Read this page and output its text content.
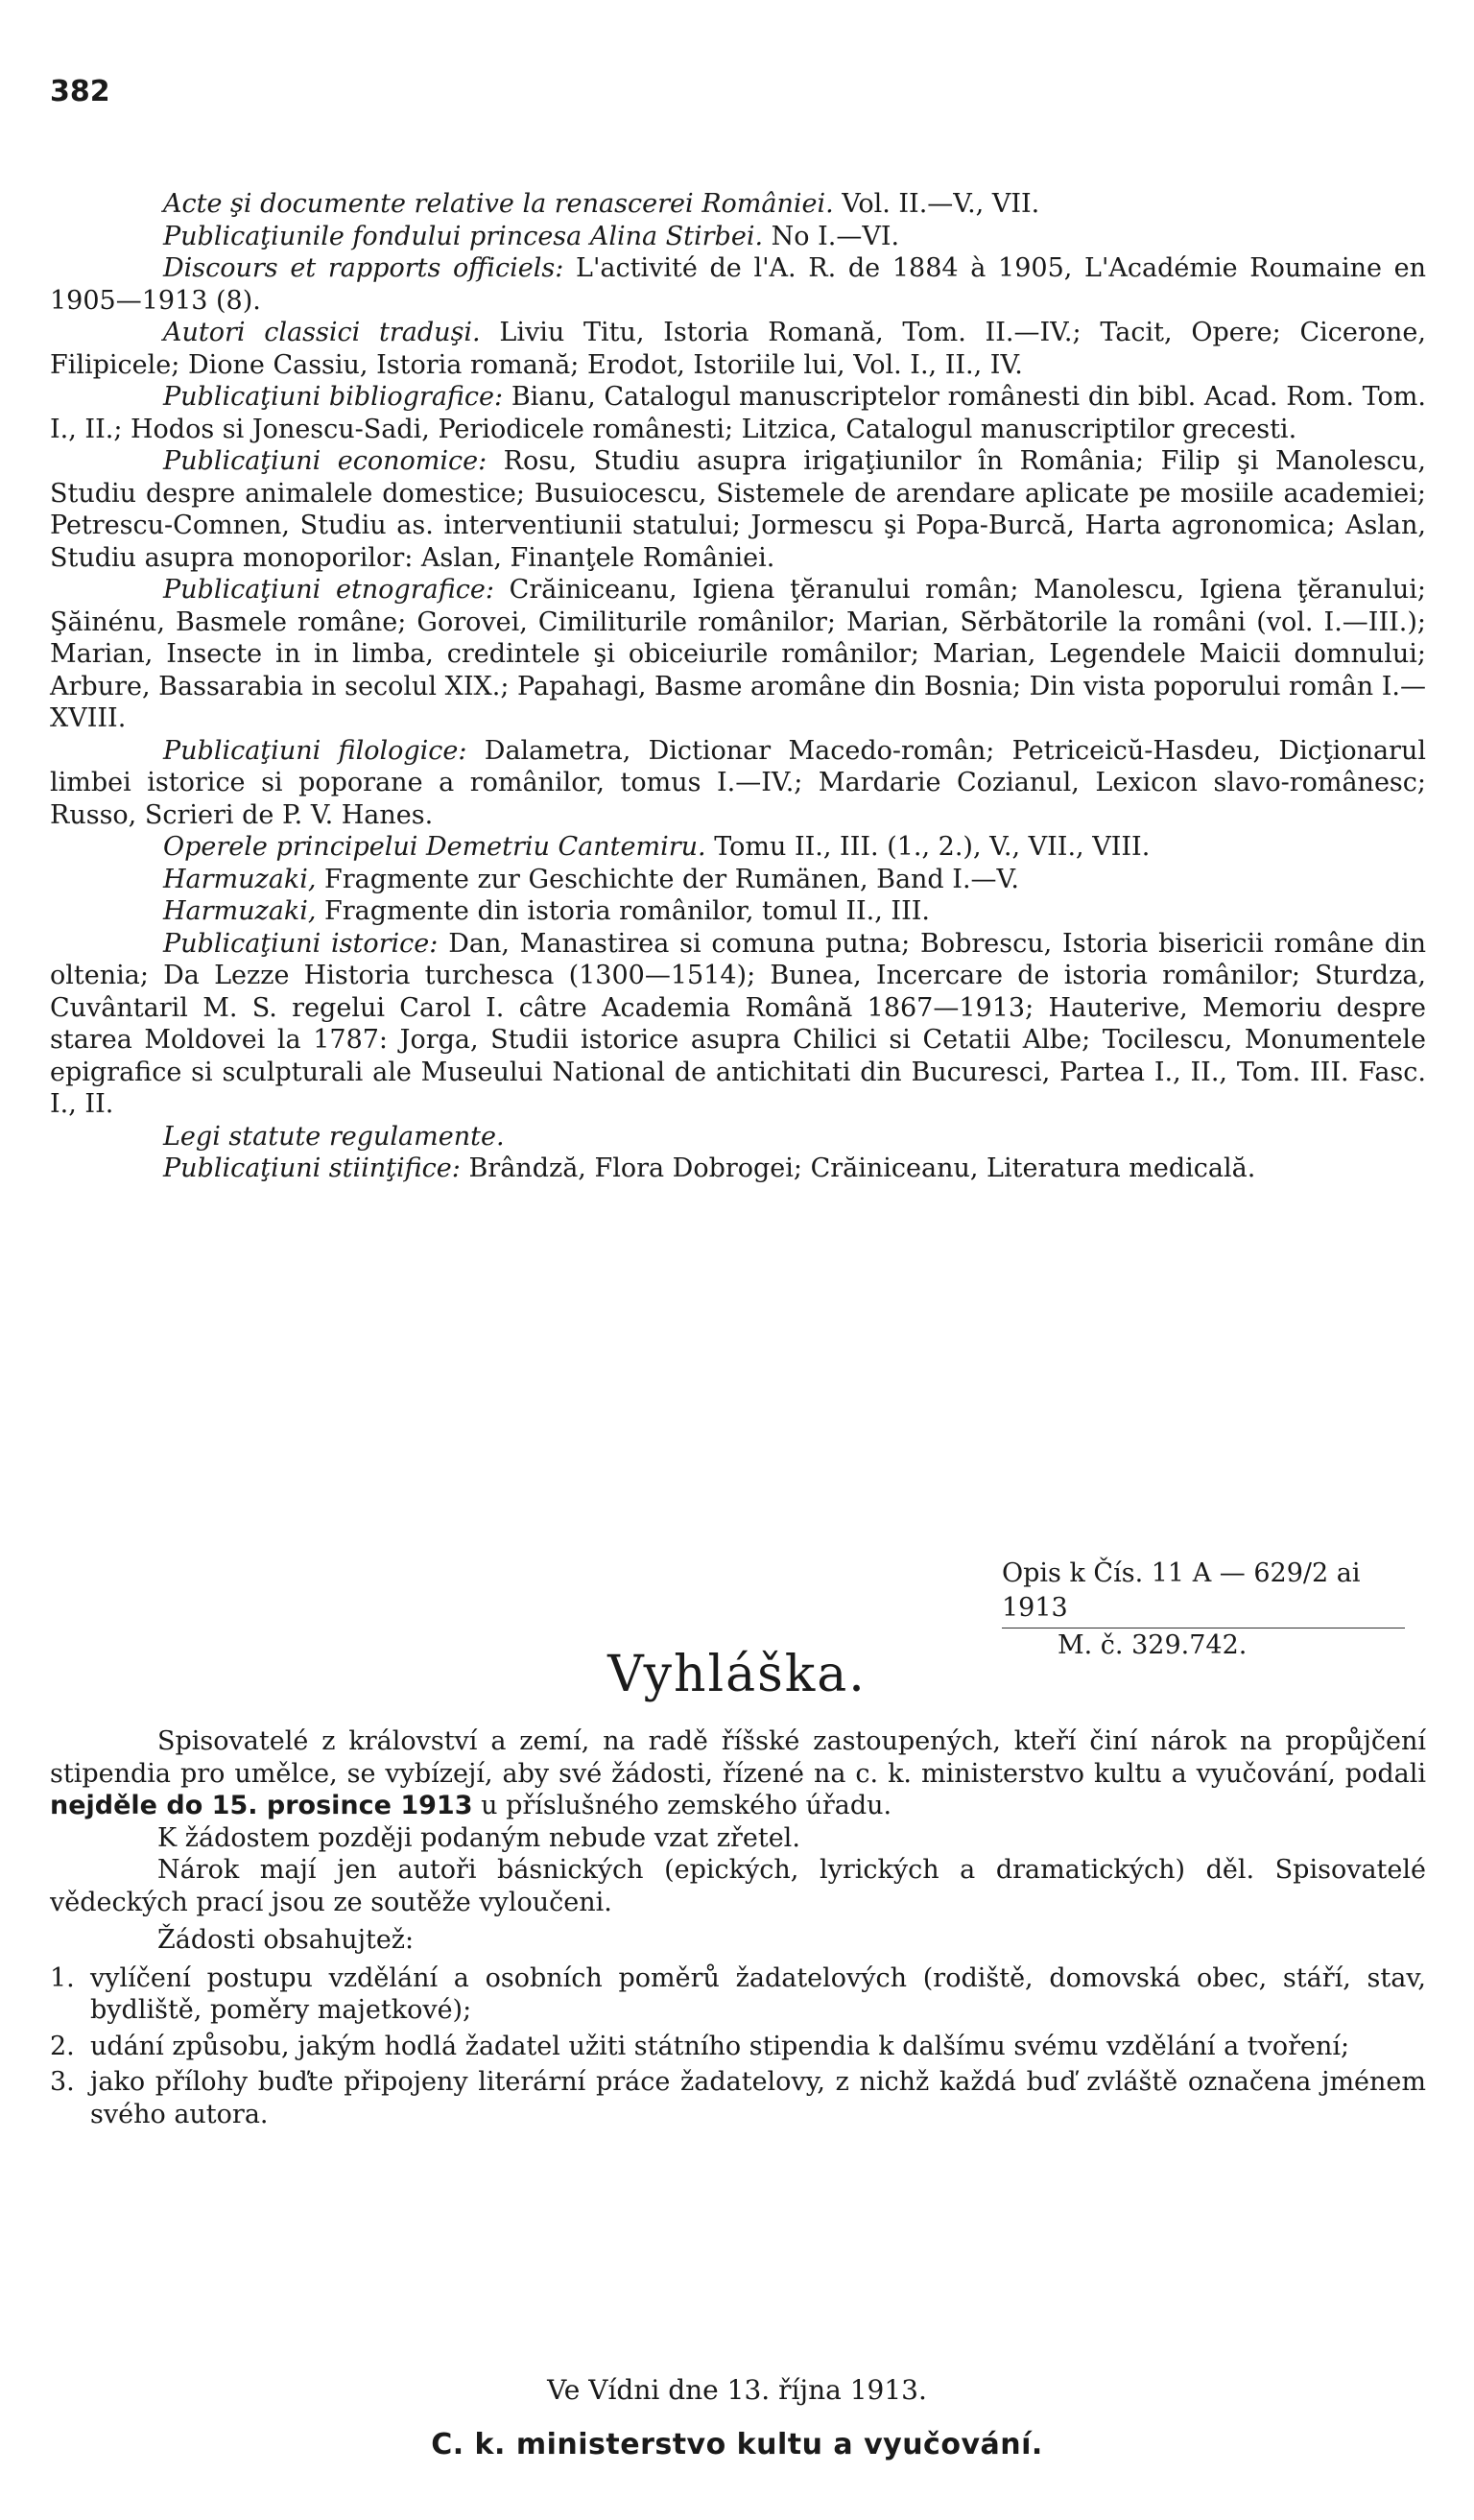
382

Acte şi documente relative la renascerei României. Vol. II.—V., VII.

Publicaţiunile fondului princesa Alina Stirbei. No I.—VI.

Discours et rapports officiels: L'activité de l'A. R. de 1884 à 1905, L'Académie Roumaine en 1905—1913 (8).

Autori classici traduşi. Liviu Titu, Istoria Romană, Tom. II.—IV.; Tacit, Opere; Cicerone, Filipicele; Dione Cassiu, Istoria romană; Erodot, Istoriile lui, Vol. I., II., IV.

Publicaţiuni bibliografice: Bianu, Catalogul manuscriptelor românesti din bibl. Acad. Rom. Tom. I., II.; Hodos si Jonescu-Sadi, Periodicele românesti; Litzica, Catalogul manuscriptilor grecesti.

Publicaţiuni economice: Rosu, Studiu asupra irigaţiunilor în România; Filip şi Manolescu, Studiu despre animalele domestice; Busuiocescu, Sistemele de arendare aplicate pe mosiile academiei; Petrescu-Comnen, Studiu as. interventiunii statului; Jormescu şi Popa-Burcă, Harta agronomica; Aslan, Studiu asupra monoporilor: Aslan, Finanţele României.

Publicaţiuni etnografice: Crăiniceanu, Igiena ţĕranului român; Manolescu, Igiena ţĕranului; Şăinénu, Basmele române; Gorovei, Cimiliturile românilor; Marian, Sĕrbătorile la români (vol. I.—III.); Marian, Insecte in in limba, credintele şi obiceiurile românilor; Marian, Legendele Maicii domnului; Arbure, Bassarabia in secolul XIX.; Papahagi, Basme aromâne din Bosnia; Din vista poporului român I.—XVIII.

Publicaţiuni filologice: Dalametra, Dictionar Macedo-român; Petriceicŭ-Hasdeu, Dicţionarul limbei istorice si poporane a românilor, tomus I.—IV.; Mardarie Cozianul, Lexicon slavo-românesc; Russo, Scrieri de P. V. Hanes.

Operele principelui Demetriu Cantemiru. Tomu II., III. (1., 2.), V., VII., VIII.

Harmuzaki, Fragmente zur Geschichte der Rumänen, Band I.—V.

Harmuzaki, Fragmente din istoria românilor, tomul II., III.

Publicaţiuni istorice: Dan, Manastirea si comuna putna; Bobrescu, Istoria bisericii române din oltenia; Da Lezze Historia turchesca (1300—1514); Bunea, Incercare de istoria românilor; Sturdza, Cuvântaril M. S. regelui Carol I. câtre Academia Română 1867—1913; Hauterive, Memoriu despre starea Moldovei la 1787: Jorga, Studii istorice asupra Chilici si Cetatii Albe; Tocilescu, Monumentele epigrafice si sculpturali ale Museului National de antichitati din Bucuresci, Partea I., II., Tom. III. Fasc. I., II.

Legi statute regulamente.

Publicaţiuni stiinţifice: Brândză, Flora Dobrogei; Crăiniceanu, Literatura medicală.

Opis k Čís. 11 A — 629/2 ai 1913
M. č. 329.742.
Vyhláška.

Spisovatelé z království a zemí, na radě říšské zastoupených, kteří činí nárok na propůjčení stipendia pro umělce, se vybízejí, aby své žádosti, řízené na c. k. ministerstvo kultu a vyučování, podali nejděle do 15. prosince 1913 u příslušného zemského úřadu.

K žádostem později podaným nebude vzat zřetel.

Nárok mají jen autoři básnických (epických, lyrických a dramatických) děl. Spisovatelé vědeckých prací jsou ze soutěže vyloučeni.

Žádosti obsahujtež:

1. vylíčení postupu vzdělání a osobních poměrů žadatelových (rodiště, domovská obec, stáří, stav, bydliště, poměry majetkové);
2. udání způsobu, jakým hodlá žadatel užiti státního stipendia k dalšímu svému vzdělání a tvoření;
3. jako přílohy buďte připojeny literární práce žadatelovy, z nichž každá buď zvláště označena jménem svého autora.
Ve Vídni dne 13. října 1913.
C. k. ministerstvo kultu a vyučování.
